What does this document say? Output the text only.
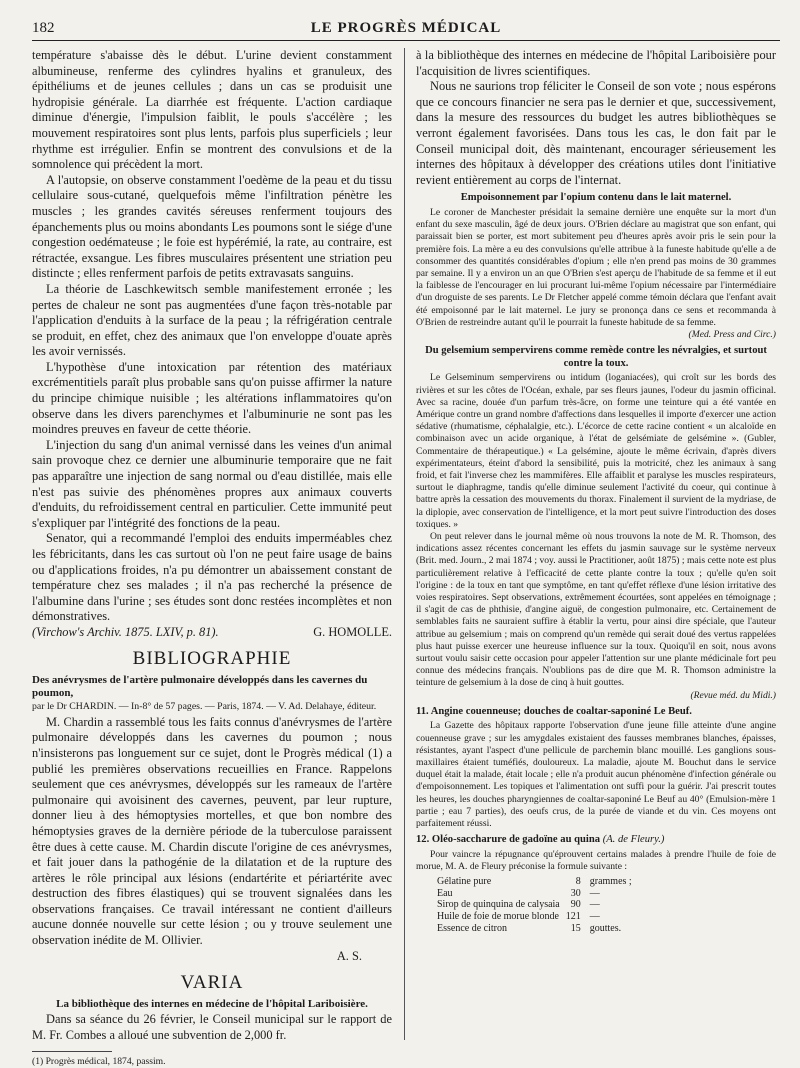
182	LE PROGRÈS MÉDICAL

température s'abaisse dès le début. L'urine devient constamment albumineuse, renferme des cylindres hyalins et granuleux, des épithéliums et de jeunes cellules ; dans un cas se produisit une hydropisie générale. La diarrhée est fréquente. L'action cardiaque diminue d'énergie, l'impulsion faiblit, le pouls s'accélère ; les mouvement respiratoires sont plus lents, parfois plus superficiels ; leur rhythme est irrégulier. Enfin se montrent des convulsions et de la somnolence qui précèdent la mort.

A l'autopsie, on observe constamment l'oedème de la peau et du tissu cellulaire sous-cutané, quelquefois même l'infiltration pénètre les muscles ; les grandes cavités séreuses renferment toujours des épanchements plus ou moins abondants Les poumons sont le siége d'une congestion oedémateuse ; le foie est hypérémié, la rate, au contraire, est rétractée, exsangue. Les fibres musculaires présentent une striation peu distincte ; elles renferment parfois de petits extravasats sanguins.

La théorie de Laschkewitsch semble manifestement erronée ; les pertes de chaleur ne sont pas augmentées d'une façon très-notable par l'application d'enduits à la surface de la peau ; la réfrigération centrale se produit, en effet, chez des animaux que l'on enveloppe d'ouate après les avoir vernissés.

L'hypothèse d'une intoxication par rétention des matériaux excrémentitiels paraît plus probable sans qu'on puisse affirmer la nature du principe chimique nuisible ; les altérations inflammatoires qu'on observe dans les divers parenchymes et l'albuminurie ne sont pas les moindres preuves en faveur de cette théorie.

L'injection du sang d'un animal vernissé dans les veines d'un animal sain provoque chez ce dernier une albuminurie temporaire que ne fait pas apparaître une injection de sang normal ou d'eau distillée, mais elle n'est pas suivie des phénomènes propres aux animaux couverts d'enduits, du refroidissement central en particulier. Cette immunité peut s'expliquer par l'intégrité des fonctions de la peau.

Senator, qui a recommandé l'emploi des enduits imperméables chez les fébricitants, dans les cas surtout où l'on ne peut faire usage de bains ou d'applications froides, n'a pu démontrer un abaissement constant de température chez ses malades ; il n'a pas recherché la présence de l'albumine dans l'urine ; ses études sont donc restées incomplètes et non démonstratives.

(Virchow's Archiv. 1875. LXIV, p. 81).	G. HOMOLLE.
BIBLIOGRAPHIE
Des anévrysmes de l'artère pulmonaire développés dans les cavernes du poumon,
par le Dr CHARDIN. — In-8° de 57 pages. — Paris, 1874. — V. Ad. Delahaye, éditeur.

M. Chardin a rassemblé tous les faits connus d'anévrysmes de l'artère pulmonaire développés dans les cavernes du poumon ; nous n'insisterons pas longuement sur ce sujet, dont le Progrès médical (1) a publié les premières observations recueillies en France. Rappelons seulement que ces anévrysmes, développés sur les rameaux de l'artère pulmonaire qui avoisinent des cavernes, peuvent, par leur rupture, donner lieu à des hémoptysies mortelles, et que bon nombre des hémoptysies graves de la dernière période de la tuberculose paraissent être dues à cette cause. M. Chardin discute l'origine de ces anévrysmes, et fait jouer dans la pathogénie de la dilatation et de la rupture des artères le rôle principal aux lésions (endartérite et périartérite avec destruction des fibres élastiques) qui se trouvent signalées dans les observations françaises. Ce travail intéressant ne contient d'ailleurs aucune donnée nouvelle sur cette lésion ; ou y trouve seulement une observation inédite de M. Ollivier.

A. S.
VARIA
La bibliothèque des internes en médecine de l'hôpital Lariboisière.

Dans sa séance du 26 février, le Conseil municipal sur le rapport de M. Fr. Combes a alloué une subvention de 2,000 fr.

(1) Progrès médical, 1874, passim.

à la bibliothèque des internes en médecine de l'hôpital Lariboisière pour l'acquisition de livres scientifiques.

Nous ne saurions trop féliciter le Conseil de son vote ; nous espérons que ce concours financier ne sera pas le dernier et que, successivement, dans la mesure des ressources du budget les autres bibliothèques se verront également favorisées. Dans tous les cas, le don fait par le Conseil municipal doit, dès maintenant, encourager sérieusement les internes des hôpitaux à développer des créations utiles dont l'initiative revient entièrement au corps de l'internat.

Empoisonnement par l'opium contenu dans le lait maternel.

Le coroner de Manchester présidait la semaine dernière une enquête sur la mort d'un enfant du sexe masculin, âgé de deux jours. O'Brien déclare au magistrat que son enfant, qui paraissait bien se porter, est mort subitement peu d'heures après avoir pris le sein pour la première fois. La mère a eu des convulsions qu'elle attribue à la funeste habitude qu'elle a de consommer des quantités considérables d'opium ; elle n'en prend pas moins de 30 grammes par semaine. Il y a environ un an que O'Brien s'est aperçu de l'habitude de sa femme et il eut la faiblesse de l'encourager en lui procurant lui-même l'opium nécessaire par l'intermédiaire d'un droguiste de ses parents. Le Dr Fletcher appelé comme témoin déclara que l'enfant avait été empoisonné par le lait maternel. Le jury se prononça dans ce sens et recommanda à O'Brien de restreindre autant qu'il le pourrait la funeste habitude de sa femme.

(Med. Press and Circ.)

Du gelsemium sempervirens comme remède contre les névralgies, et surtout contre la toux.

Le Gelseminum sempervirens ou intidum (loganiacées), qui croît sur les bords des rivières et sur les côtes de l'Océan, exhale, par ses fleurs jaunes, l'odeur du jasmin officinal. Avec sa racine, douée d'un parfum très-âcre, on forme une teinture qui a été vantée en Amérique contre un grand nombre d'affections dans lesquelles il importe d'exercer une action sédative (rhumatisme, céphalalgie, etc.). L'écorce de cette racine contient « un alcaloïde en combinaison avec un acide organique, à l'état de gelsémiate de gelsémine ». (Gubler, Commentaire de thérapeutique.) « La gelsémine, ajoute le même écrivain, d'après divers expérimentateurs, éteint d'abord la sensibilité, puis la motricité, chez les animaux à sang froid, et fait l'inverse chez les mammifères. Elle affaiblit et paralyse les muscles respirateurs, surtout le diaphragme, tandis qu'elle diminue seulement l'activité du coeur, qui continue à battre après la cessation des mouvements du thorax. Finalement il survient de la mydriase, de la diplopie, avec conservation de l'intelligence, et la mort peut suivre l'introduction des doses toxiques. »

On peut relever dans le journal même où nous trouvons la note de M. R. Thomson, des indications assez récentes concernant les effets du jasmin sauvage sur le système nerveux (Brit. med. Journ., 2 mai 1874 ; voy. aussi le Practitioner, août 1875) ; mais cette note est plus particulièrement relative à l'efficacité de cette plante contre la toux ; qu'elle qu'en soit l'origine : de la toux en tant que symptôme, en tant qu'effet réflexe d'une lésion irritative des voies respiratoires. Sept observations, extrêmement écourtées, sont appelées en témoignage ; il s'agit de cas de phthisie, d'angine aiguë, de congestion pulmonaire, etc. Certainement de semblables faits ne sauraient suffire à établir la vertu, pour ainsi dire spéciale, que l'auteur attribue au gelsemium ; mais on comprend qu'un remède qui serait doué des vertus rappelées plus haut puisse exercer une heureuse influence sur la toux. Quoiqu'il en soit, nous avons surtout voulu saisir cette occasion pour appeler l'attention sur une plante médicinale fort peu connue des médecins français. N'oublions pas de dire que M. R. Thomson administre la teinture de gelsemium à la dose de cinq à huit gouttes.

(Revue méd. du Midi.)

11. Angine couenneuse; douches de coaltar-saponiné Le Beuf.

La Gazette des hôpitaux rapporte l'observation d'une jeune fille atteinte d'une angine couenneuse grave ; sur les amygdales existaient des fausses membranes blanches, épaisses, résistantes, ayant l'aspect d'une pellicule de parchemin blanc mouillé. Les ganglions sous-maxillaires étaient tuméfiés, douloureux. La maladie, ajoute M. Bouchut dans le service duquel était la malade, était locale ; elle n'a produit aucun phénomène d'infection générale ou d'empoisonnement. Les topiques et l'alimentation ont suffi pour la guérir. J'ai prescrit toutes les heures, les douches pharyngiennes de coaltar-saponiné Le Beuf au 40° (Emulsion-mère 1 partie ; eau 7 parties), des oeufs crus, de la purée de viande et du vin. Ces moyens ont parfaitement réussi.

12. Oléo-saccharure de gadoïne au quina (A. de Fleury.)

Pour vaincre la répugnance qu'éprouvent certains malades à prendre l'huile de foie de morue, M. A. de Fleury préconise la formule suivante :

Gélatine pure	8	grammes ;
Eau	30	—
Sirop de quinquina de calysaia	90	—
Huile de foie de morue blonde	121	—
Essence de citron	15	gouttes.
